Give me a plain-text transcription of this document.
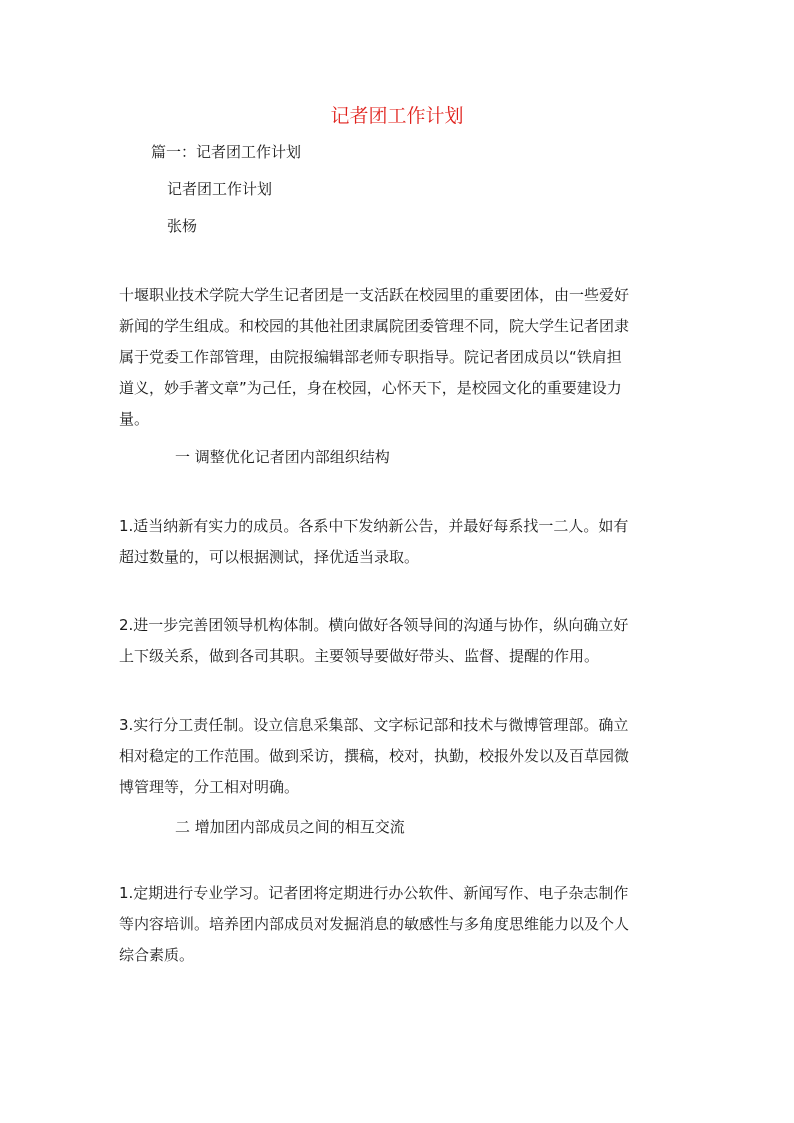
记者团工作计划
篇一：记者团工作计划
记者团工作计划
张杨
十堰职业技术学院大学生记者团是一支活跃在校园里的重要团体，由一些爱好
新闻的学生组成。和校园的其他社团隶属院团委管理不同，院大学生记者团隶
属于党委工作部管理，由院报编辑部老师专职指导。院记者团成员以“铁肩担
道义，妙手著文章”为己任，身在校园，心怀天下，是校园文化的重要建设力
量。
一 调整优化记者团内部组织结构
1.适当纳新有实力的成员。各系中下发纳新公告，并最好每系找一二人。如有
超过数量的，可以根据测试，择优适当录取。
2.进一步完善团领导机构体制。横向做好各领导间的沟通与协作，纵向确立好
上下级关系，做到各司其职。主要领导要做好带头、监督、提醒的作用。
3.实行分工责任制。设立信息采集部、文字标记部和技术与微博管理部。确立
相对稳定的工作范围。做到采访，撰稿，校对，执勤，校报外发以及百草园微
博管理等，分工相对明确。
二 增加团内部成员之间的相互交流
1.定期进行专业学习。记者团将定期进行办公软件、新闻写作、电子杂志制作
等内容培训。培养团内部成员对发掘消息的敏感性与多角度思维能力以及个人
综合素质。
